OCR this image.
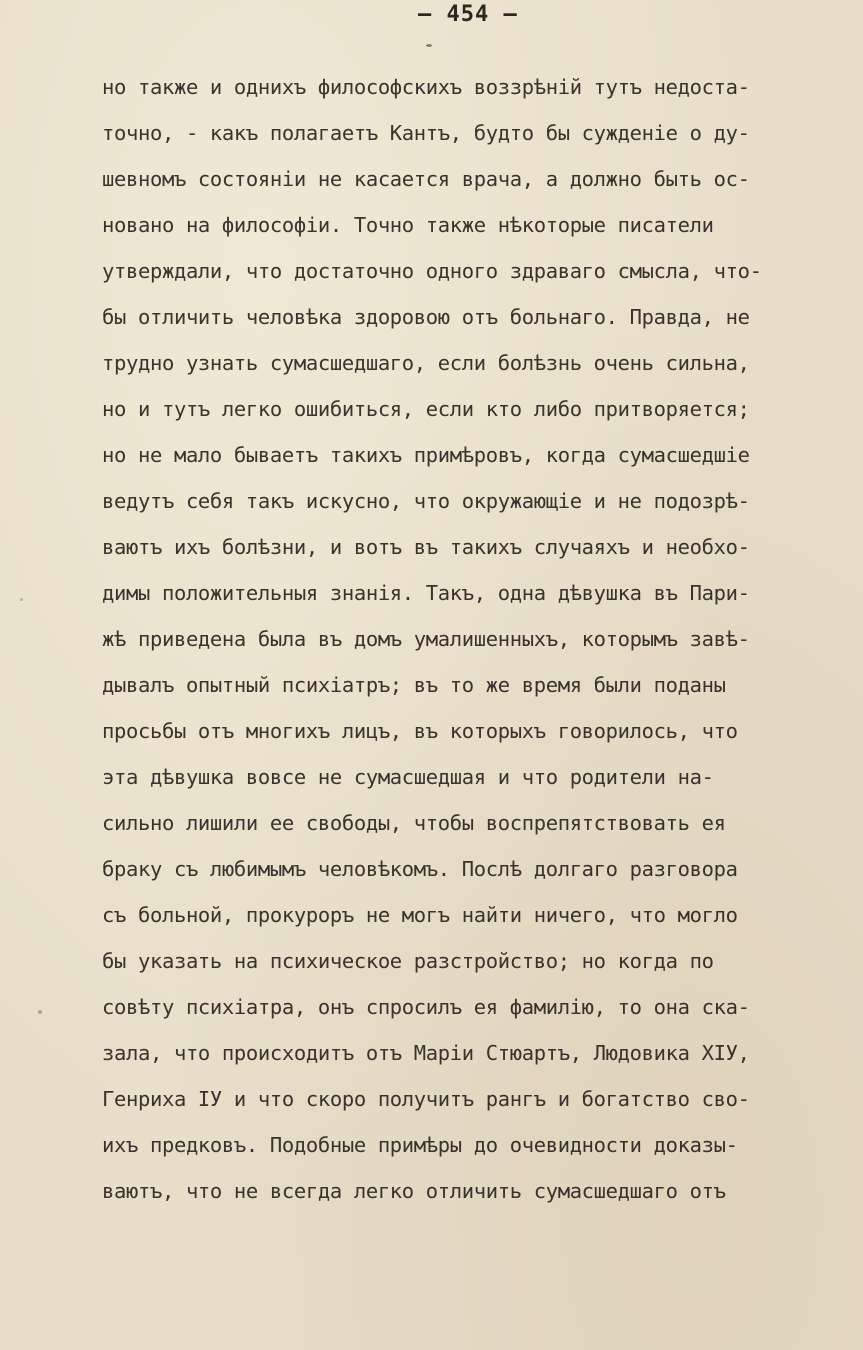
– 454 –
но также и однихъ философскихъ воззрѣній тутъ недоста-
точно, - какъ полагаетъ Кантъ, будто бы сужденіе о ду-
шевномъ состояніи не касается врача, а должно быть ос-
новано на философіи. Точно также нѣкоторые писатели
утверждали, что достаточно одного здраваго смысла, что-
бы отличить человѣка здоровою отъ больнаго. Правда, не
трудно узнать сумасшедшаго, если болѣзнь очень сильна,
но и тутъ легко ошибиться, если кто либо притворяется;
но не мало бываетъ такихъ примѣровъ, когда сумасшедшіе
ведутъ себя такъ искусно, что окружающіе и не подозрѣ-
ваютъ ихъ болѣзни, и вотъ въ такихъ случаяхъ и необхо-
димы положительныя знанія. Такъ, одна дѣвушка въ Пари-
жѣ приведена была въ домъ умалишенныхъ, которымъ завѣ-
дывалъ опытный психіатръ; въ то же время были поданы
просьбы отъ многихъ лицъ, въ которыхъ говорилось, что
эта дѣвушка вовсе не сумасшедшая и что родители на-
сильно лишили ее свободы, чтобы воспрепятствовать ея
браку съ любимымъ человѣкомъ. Послѣ долгаго разговора
съ больной, прокуроръ не могъ найти ничего, что могло
бы указать на психическое разстройство; но когда по
совѣту психіатра, онъ спросилъ ея фамилію, то она ска-
зала, что происходитъ отъ Маріи Стюартъ, Людовика XIУ,
Генриха IУ и что скоро получитъ рангъ и богатство сво-
ихъ предковъ. Подобные примѣры до очевидности доказы-
ваютъ, что не всегда легко отличить сумасшедшаго отъ
